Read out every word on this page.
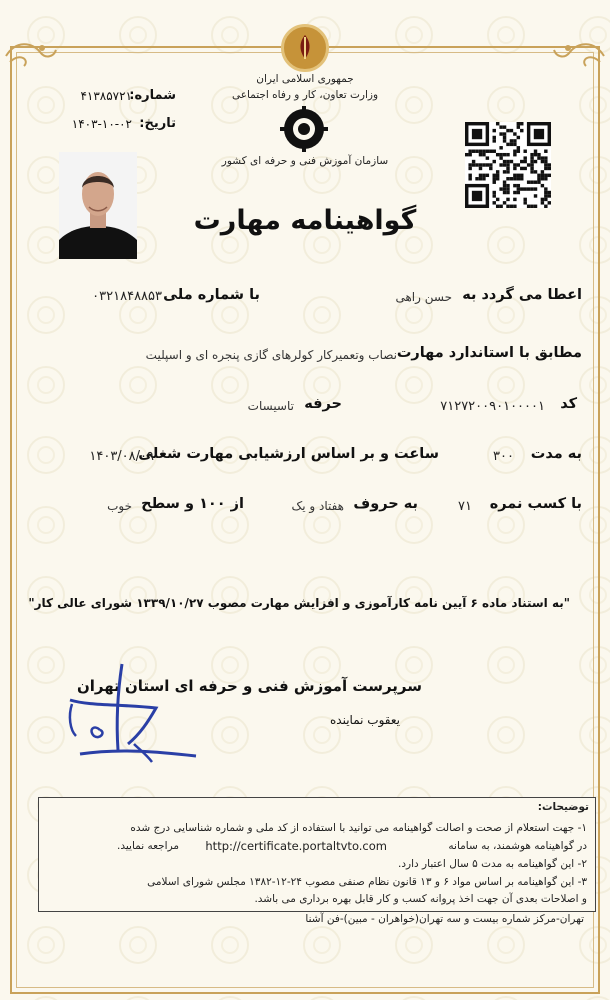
جمهوری اسلامی ایران
وزارت تعاون، کار و رفاه اجتماعی
سازمان آموزش فنی و حرفه ای کشور
شماره:
۴۱۳۸۵۷۲۱
تاریخ:
۱۴۰۳-۱۰-۰۲
گواهینامه مهارت
اعطا می گردد به
حسن راهی
با شماره ملی
۰۳۲۱۸۴۸۸۵۳
مطابق با استاندارد مهارت
نصاب وتعمیرکار کولرهای گازی پنجره ای و اسپلیت
کد
۷۱۲۷۲۰۰۹۰۱۰۰۰۰۱
حرفه
تاسیسات
به مدت
۳۰۰
ساعت و بر اساس ارزشیابی مهارت شغلی
۱۴۰۳/۰۸/۰۹
با کسب نمره
۷۱
به حروف
هفتاد و یک
از ۱۰۰ و سطح
خوب
"به استناد ماده ۶ آیین نامه کارآموزی و افزایش مهارت مصوب ۱۳۳۹/۱۰/۲۷ شورای عالی کار"
سرپرست آموزش فنی و حرفه ای استان تهران
یعقوب نماینده
توضیحات:
۱- جهت استعلام از صحت و اصالت گواهینامه می توانید با استفاده از کد ملی و شماره شناسایی درج شده
در گواهینامه هوشمند، به سامانه
http://certificate.portaltvto.com
مراجعه نمایید.
۲- این گواهینامه به مدت ۵ سال اعتبار دارد.
۳- این گواهینامه بر اساس مواد ۶ و ۱۳ قانون نظام صنفی مصوب ۲۴-۱۲-۱۳۸۲ مجلس شورای اسلامی
و اصلاحات بعدی آن جهت اخذ پروانه کسب و کار قابل بهره برداری می باشد.
تهران-مرکز شماره بیست و سه تهران(خواهران - مبین)-فن آشنا
